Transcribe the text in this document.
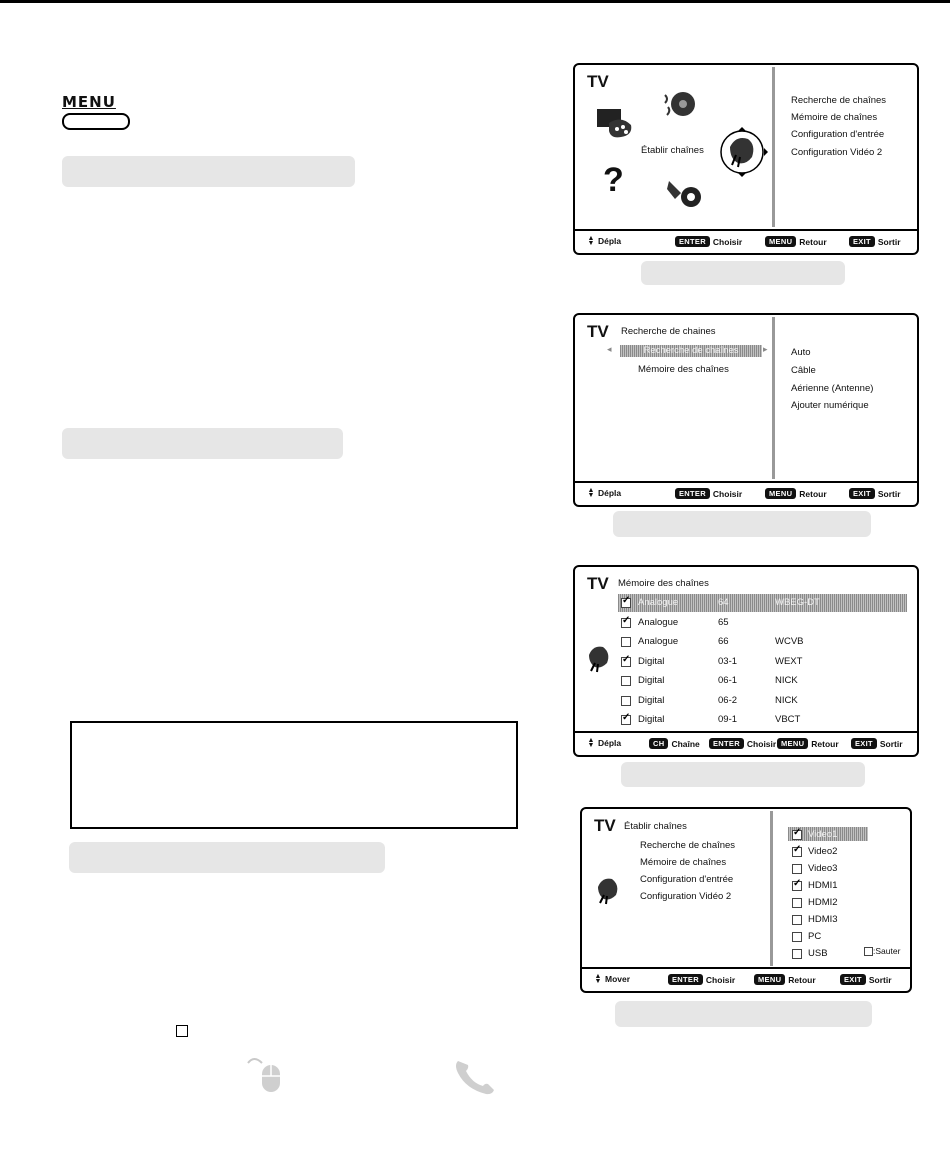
MENU
TV
?
Établir chaînes
Recherche de chaînes
Mémoire de chaînes
Configuration d'entrée
Configuration Vidéo 2
▲
▼ Dépla	ENTER Choisir	MENU Retour	EXIT Sortir
TV Recherche de chaines
◂	Recherche de chaînes	▸
Mémoire des chaînes
Auto
Câble
Aérienne (Antenne)
Ajouter numérique
▲
▼ Dépla	ENTER Choisir	MENU Retour	EXIT Sortir
TV Mémoire des chaînes
✓
Analogue	64	WBEG-DT
✓
Analogue	65
Analogue	66	WCVB
✓
Digital	03-1	WEXT
Digital	06-1	NICK
Digital	06-2	NICK
✓
Digital	09-1	VBCT
▲
▼ Dépla	CH Chaîne	ENTER Choisir MENU Retour	EXIT Sortir
TV Établir chaînes
Recherche de chaînes
Mémoire de chaînes
Configuration d'entrée
Configuration Vidéo 2
✓
Video1
✓
Video2
Video3
✓
HDMI1
HDMI2
HDMI3
PC
USB	:Sauter
▲
▼ Mover	ENTER Choisir	MENU Retour	EXIT Sortir
